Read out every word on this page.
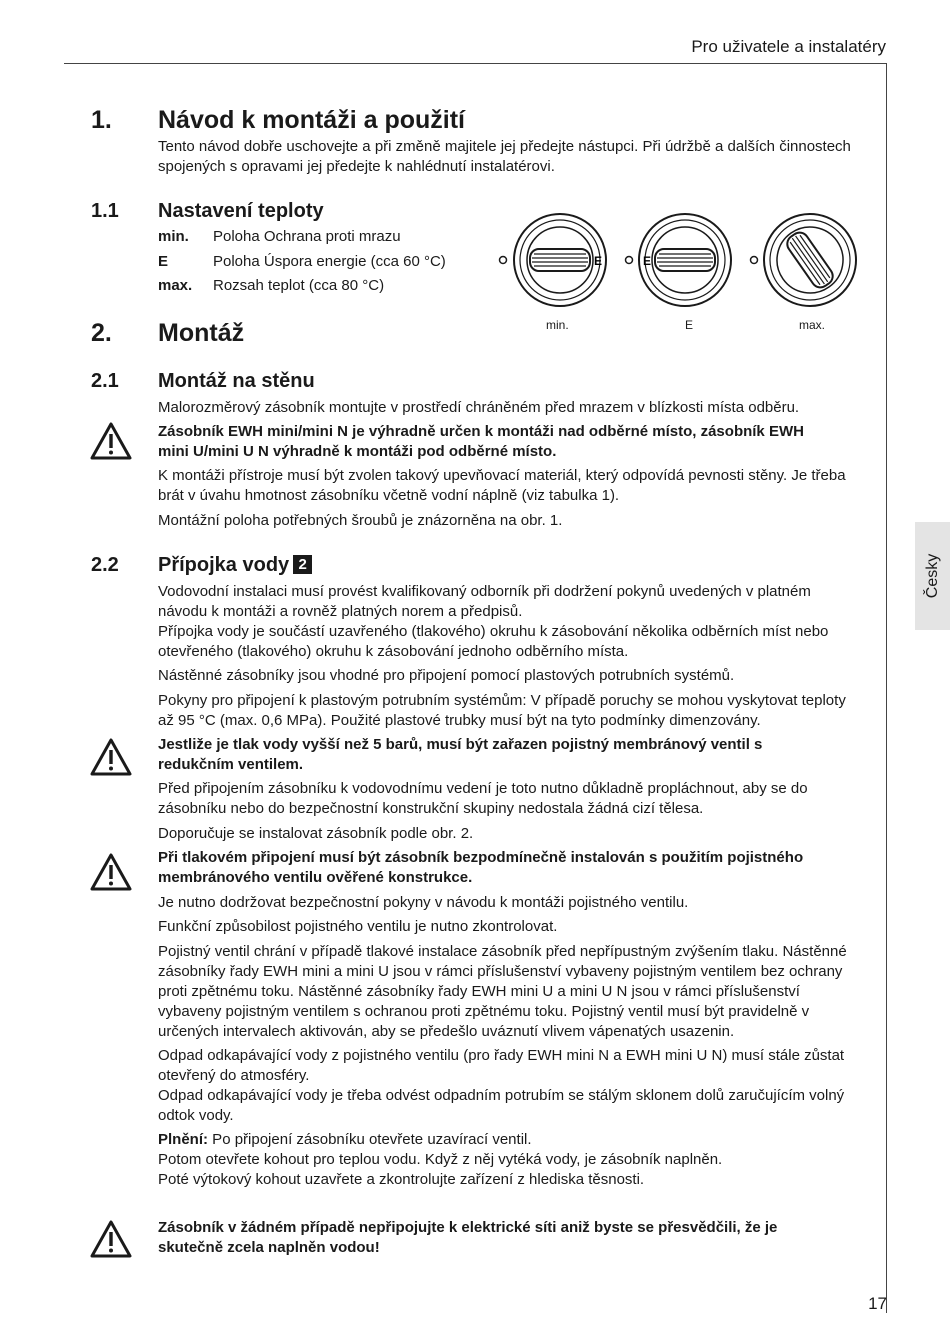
Pro uživatele a instalatéry
1. Návod k montáži a použití
Tento návod dobře uschovejte a při změně majitele jej předejte nástupci. Při údržbě a dalších činnostech spojených s opravami jej předejte k nahlédnutí instalatérovi.
1.1 Nastavení teploty
min. Poloha Ochrana proti mrazu
E	Poloha Úspora energie (cca 60 °C)
max. Rozsah teplot (cca 80 °C)
E	E
min.	E	max.
2. Montáž
2.1 Montáž na stěnu
Malorozměrový zásobník montujte v prostředí chráněném před mrazem v blízkosti místa odběru.
Zásobník EWH mini/mini N je výhradně určen k montáži nad odběrné místo, zásobník EWH mini U/mini U N výhradně k montáži pod odběrné místo.
K montáži přístroje musí být zvolen takový upevňovací materiál, který odpovídá pevnosti stěny. Je třeba brát v úvahu hmotnost zásobníku včetně vodní náplně (viz tabulka 1).
Montážní poloha potřebných šroubů je znázorněna na obr. 1.
2.2 Přípojka vody 2
Vodovodní instalaci musí provést kvalifikovaný odborník při dodržení pokynů uvedených v platném návodu k montáži a rovněž platných norem a předpisů.
Přípojka vody je součástí uzavřeného (tlakového) okruhu k zásobování několika odběrních míst nebo otevřeného (tlakového) okruhu k zásobování jednoho odběrního místa.
Nástěnné zásobníky jsou vhodné pro připojení pomocí plastových potrubních systémů.
Pokyny pro připojení k plastovým potrubním systémům: V případě poruchy se mohou vyskytovat teploty až 95 °C (max. 0,6 MPa). Použité plastové trubky musí být na tyto podmínky dimenzovány.
Jestliže je tlak vody vyšší než 5 barů, musí být zařazen pojistný membránový ventil s redukčním ventilem.
Před připojením zásobníku k vodovodnímu vedení je toto nutno důkladně propláchnout, aby se do zásobníku nebo do bezpečnostní konstrukční skupiny nedostala žádná cizí tělesa.
Doporučuje se instalovat zásobník podle obr. 2.
Při tlakovém připojení musí být zásobník bezpodmínečně instalován s použitím pojistného membránového ventilu ověřené konstrukce.
Je nutno dodržovat bezpečnostní pokyny v návodu k montáži pojistného ventilu.
Funkční způsobilost pojistného ventilu je nutno zkontrolovat.
Pojistný ventil chrání v případě tlakové instalace zásobník před nepřípustným zvýšením tlaku. Nástěnné zásobníky řady EWH mini a mini U jsou v rámci příslušenství vybaveny pojistným ventilem bez ochrany proti zpětnému toku. Nástěnné zásobníky řady EWH mini U a mini U N jsou v rámci příslušenství vybaveny pojistným ventilem s ochranou proti zpětnému toku. Pojistný ventil musí být pravidelně v určených intervalech aktivován, aby se předešlo uváznutí vlivem vápenatých usazenin.
Odpad odkapávající vody z pojistného ventilu (pro řady EWH mini N a EWH mini U N) musí stále zůstat otevřený do atmosféry.
Odpad odkapávající vody je třeba odvést odpadním potrubím se stálým sklonem dolů zaručujícím volný odtok vody.
Plnění: Po připojení zásobníku otevřete uzavírací ventil.
Potom otevřete kohout pro teplou vodu. Když z něj vytéká vody, je zásobník naplněn.
Poté výtokový kohout uzavřete a zkontrolujte zařízení z hlediska těsnosti.
Zásobník v žádném případě nepřipojujte k elektrické síti aniž byste se přesvědčili, že je skutečně zcela naplněn vodou!
Česky
17
